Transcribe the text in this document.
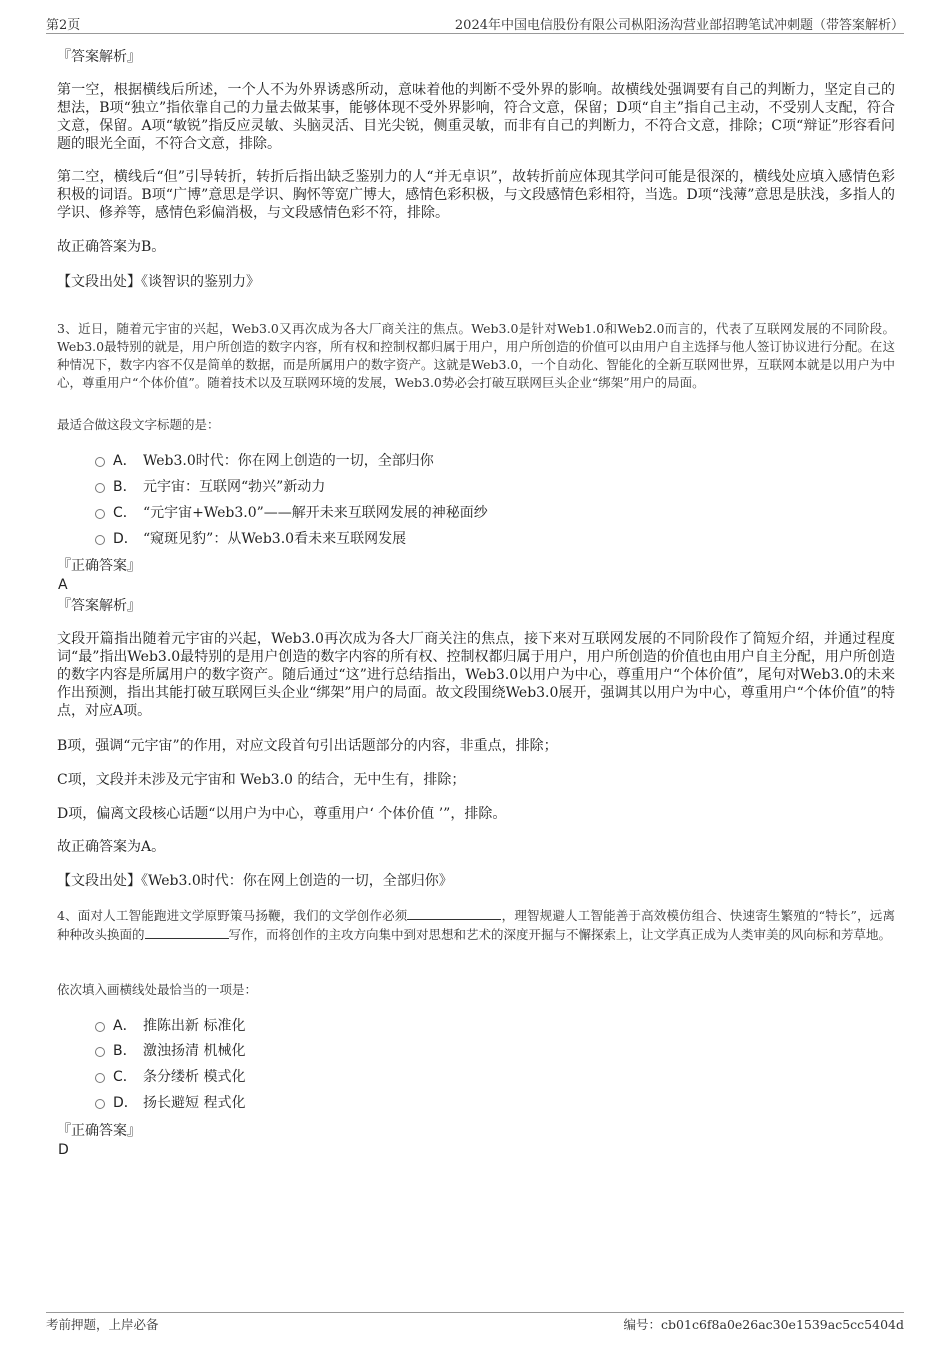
第2页	2024年中国电信股份有限公司枞阳汤沟营业部招聘笔试冲刺题（带答案解析）
『答案解析』
第一空，根据横线后所述，一个人不为外界诱惑所动，意味着他的判断不受外界的影响。故横线处强调要有自己的判断力，坚定自己的想法，B项“独立”指依靠自己的力量去做某事，能够体现不受外界影响，符合文意，保留；D项“自主”指自己主动，不受别人支配，符合文意，保留。A项“敏锐”指反应灵敏、头脑灵活、目光尖锐，侧重灵敏，而非有自己的判断力，不符合文意，排除；C项“辩证”形容看问题的眼光全面，不符合文意，排除。
第二空，横线后“但”引导转折，转折后指出缺乏鉴别力的人“并无卓识”，故转折前应体现其学问可能是很深的，横线处应填入感情色彩积极的词语。B项“广博”意思是学识、胸怀等宽广博大，感情色彩积极，与文段感情色彩相符，当选。D项“浅薄”意思是肤浅，多指人的学识、修养等，感情色彩偏消极，与文段感情色彩不符，排除。
故正确答案为B。
【文段出处】《谈智识的鉴别力》
3、近日，随着元宇宙的兴起，Web3.0又再次成为各大厂商关注的焦点。Web3.0是针对Web1.0和Web2.0而言的，代表了互联网发展的不同阶段。Web3.0最特别的就是，用户所创造的数字内容，所有权和控制权都归属于用户，用户所创造的价值可以由用户自主选择与他人签订协议进行分配。在这种情况下，数字内容不仅是简单的数据，而是所属用户的数字资产。这就是Web3.0，一个自动化、智能化的全新互联网世界，互联网本就是以用户为中心，尊重用户“个体价值”。随着技术以及互联网环境的发展，Web3.0势必会打破互联网巨头企业“绑架”用户的局面。
最适合做这段文字标题的是：
A． Web3.0时代：你在网上创造的一切，全部归你
B． 元宇宙：互联网“勃兴”新动力
C． “元宇宙+Web3.0”——解开未来互联网发展的神秘面纱
D． “窥斑见豹”：从Web3.0看未来互联网发展
『正确答案』
A
『答案解析』
文段开篇指出随着元宇宙的兴起，Web3.0再次成为各大厂商关注的焦点，接下来对互联网发展的不同阶段作了简短介绍，并通过程度词“最”指出Web3.0最特别的是用户创造的数字内容的所有权、控制权都归属于用户，用户所创造的价值也由用户自主分配，用户所创造的数字内容是所属用户的数字资产。随后通过“这”进行总结指出，Web3.0以用户为中心，尊重用户“个体价值”，尾句对Web3.0的未来作出预测，指出其能打破互联网巨头企业“绑架”用户的局面。故文段围绕Web3.0展开，强调其以用户为中心，尊重用户“个体价值”的特点，对应A项。
B项，强调“元宇宙”的作用，对应文段首句引出话题部分的内容，非重点，排除；
C项，文段并未涉及元宇宙和 Web3.0 的结合，无中生有，排除；
D项，偏离文段核心话题“以用户为中心，尊重用户‘ 个体价值 ’”，排除。
故正确答案为A。
【文段出处】《Web3.0时代：你在网上创造的一切，全部归你》
4、面对人工智能跑进文学原野策马扬鞭，我们的文学创作必须	，理智规避人工智能善于高效模仿组合、快速寄生繁殖的“特长”，远离种种改头换面的	写作，而将创作的主攻方向集中到对思想和艺术的深度开掘与不懈探索上，让文学真正成为人类审美的风向标和芳草地。
依次填入画横线处最恰当的一项是：
A． 推陈出新 标准化
B． 激浊扬清 机械化
C． 条分缕析 模式化
D． 扬长避短 程式化
『正确答案』
D
考前押题，上岸必备	编号：cb01c6f8a0e26ac30e1539ac5cc5404d
